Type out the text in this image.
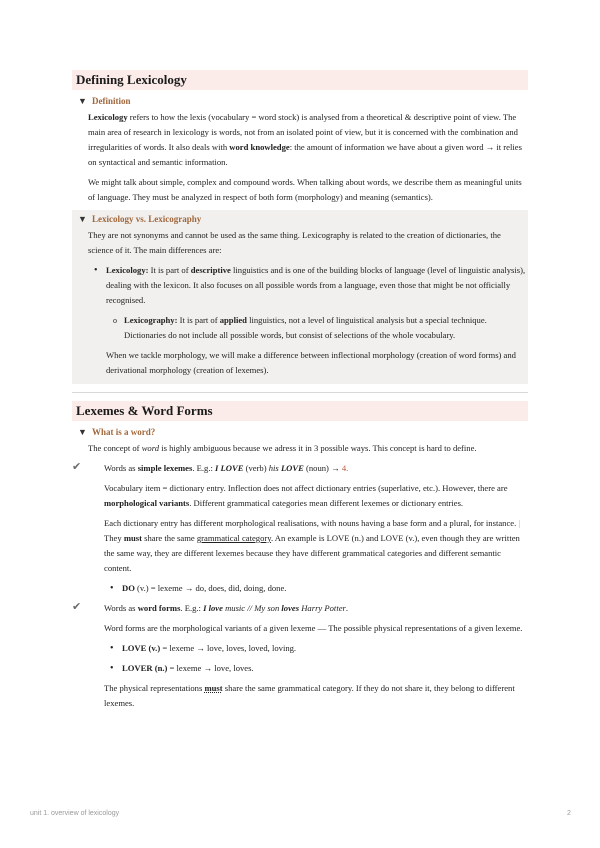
Defining Lexicology
▼ Definition

Lexicology refers to how the lexis (vocabulary = word stock) is analysed from a theoretical & descriptive point of view. The main area of research in lexicology is words, not from an isolated point of view, but it is concerned with the combination and irregularities of words. It also deals with word knowledge: the amount of information we have about a given word → it relies on syntactical and semantic information.

We might talk about simple, complex and compound words. When talking about words, we describe them as meaningful units of language. They must be analyzed in respect of both form (morphology) and meaning (semantics).

▼ Lexicology vs. Lexicography

They are not synonyms and cannot be used as the same thing. Lexicography is related to the creation of dictionaries, the science of it. The main differences are:

• Lexicology: It is part of descriptive linguistics and is one of the building blocks of language (level of linguistic analysis), dealing with the lexicon. It also focuses on all possible words from a language, even those that might be not officially recognised.
o Lexicography: It is part of applied linguistics, not a level of linguistical analysis but a special technique. Dictionaries do not include all possible words, but consist of selections of the whole vocabulary.

When we tackle morphology, we will make a difference between inflectional morphology (creation of word forms) and derivational morphology (creation of lexemes).

Lexemes & Word Forms
▼ What is a word?

The concept of word is highly ambiguous because we adress it in 3 possible ways. This concept is hard to define.

✔	Words as simple lexemes. E.g.: I LOVE (verb) his LOVE (noun) → 4.

Vocabulary item = dictionary entry. Inflection does not affect dictionary entries (superlative, etc.). However, there are morphological variants. Different grammatical categories mean different lexemes or dictionary entries.

Each dictionary entry has different morphological realisations, with nouns having a base form and a plural, for instance. | They must share the same grammatical category. An example is LOVE (n.) and LOVE (v.), even though they are written the same way, they are different lexemes because they have different grammatical categories and different semantic content.

• DO (v.) = lexeme → do, does, did, doing, done.
✔	Words as word forms. E.g.: I love music // My son loves Harry Potter.

Word forms are the morphological variants of a given lexeme — The possible physical representations of a given lexeme.

• LOVE (v.) = lexeme → love, loves, loved, loving.
• LOVER (n.) = lexeme → love, loves.

The physical representations must share the same grammatical category. If they do not share it, they belong to different lexemes.

unit 1. overview of lexicology	2
